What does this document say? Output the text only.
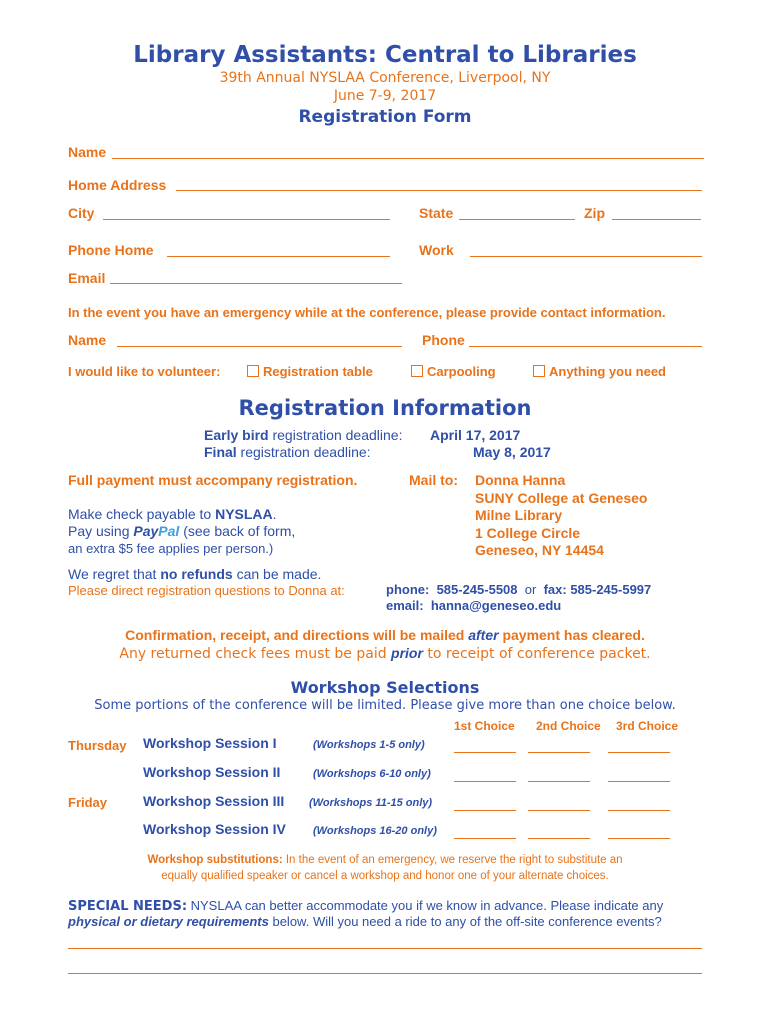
Library Assistants: Central to Libraries
39th Annual NYSLAA Conference, Liverpool, NY
June 7-9, 2017
Registration Form
Name
Home Address
City	State	Zip
Phone Home	Work
Email
In the event you have an emergency while at the conference, please provide contact information.
Name	Phone
I would like to volunteer:	Registration table	Carpooling	Anything you need
Registration Information
Early bird registration deadline: April 17, 2017
Final registration deadline:	May 8, 2017
Full payment must accompany registration.	Mail to: Donna Hanna
SUNY College at Geneseo
Milne Library
1 College Circle
Geneseo, NY 14454
Make check payable to NYSLAA.
Pay using PayPal (see back of form,
an extra $5 fee applies per person.)
We regret that no refunds can be made.
Please direct registration questions to Donna at:	phone: 585-245-5508 or fax: 585-245-5997
email: hanna@geneseo.edu
Confirmation, receipt, and directions will be mailed after payment has cleared.
Any returned check fees must be paid prior to receipt of conference packet.
Workshop Selections
Some portions of the conference will be limited. Please give more than one choice below.
1st Choice 2nd Choice 3rd Choice
Thursday Workshop Session I	(Workshops 1-5 only)
Workshop Session II	(Workshops 6-10 only)
Friday	Workshop Session III (Workshops 11-15 only)
Workshop Session IV (Workshops 16-20 only)
Workshop substitutions: In the event of an emergency, we reserve the right to substitute an
equally qualified speaker or cancel a workshop and honor one of your alternate choices.
SPECIAL NEEDS: NYSLAA can better accommodate you if we know in advance. Please indicate any
physical or dietary requirements below. Will you need a ride to any of the off-site conference events?
